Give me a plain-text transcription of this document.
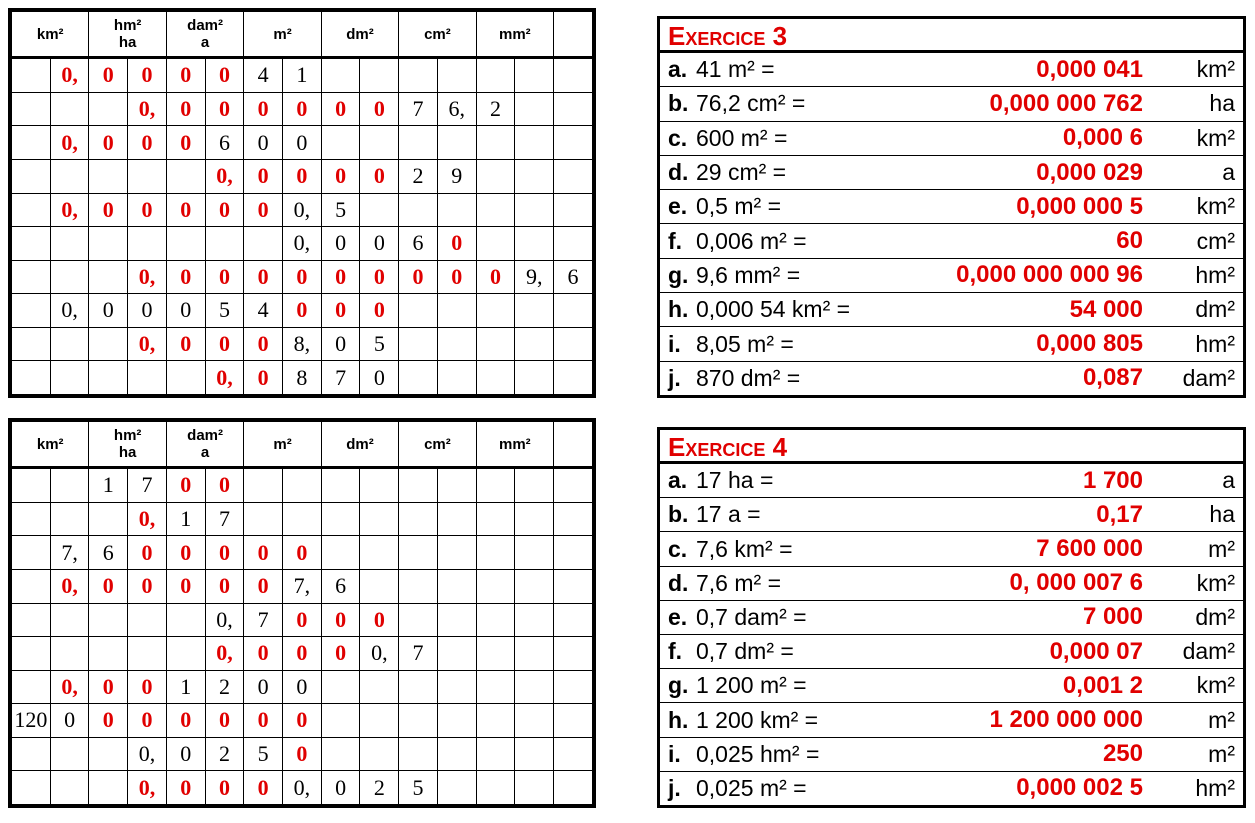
km²		hm²
ha		dam²
a		m²		dm²		cm²		mm²		
	0,	0	0	0	0	4	1							
			0,	0	0	0	0	0	0	7	6,	2		
	0,	0	0	0	6	0	0							
					0,	0	0	0	0	2	9			
	0,	0	0	0	0	0	0,	5						
							0,	0	0	6	0			
			0,	0	0	0	0	0	0	0	0	0	9,	6
	0,	0	0	0	5	4	0	0	0					
			0,	0	0	0	8,	0	5					
					0,	0	8	7	0					
km²		hm²
ha		dam²
a		m²		dm²		cm²		mm²		
		1	7	0	0									
			0,	1	7									
	7,	6	0	0	0	0	0							
	0,	0	0	0	0	0	7,	6						
					0,	7	0	0	0					
					0,	0	0	0	0,	7				
	0,	0	0	1	2	0	0							
120	0	0	0	0	0	0	0							
			0,	0	2	5	0							
			0,	0	0	0	0,	0	2	5				
Exercice 3
a. 41 m² =	0,000 041 km²
b. 76,2 cm² =	0,000 000 762	ha
c. 600 m² =	0,000 6 km²
d. 29 cm² =	0,000 029	a
e. 0,5 m² =	0,000 000 5 km²
f. 0,006 m² =	60 cm²
g. 9,6 mm² =	0,000 000 000 96 hm²
h. 0,000 54 km² =	54 000 dm²
i. 8,05 m² =	0,000 805 hm²
j. 870 dm² =	0,087 dam²
Exercice 4
a. 17 ha =	1 700	a
b. 17 a =	0,17	ha
c. 7,6 km² =	7 600 000	m²
d. 7,6 m² =	0, 000 007 6 km²
e. 0,7 dam² =	7 000 dm²
f. 0,7 dm² =	0,000 07 dam²
g. 1 200 m² =	0,001 2 km²
h. 1 200 km² =	1 200 000 000	m²
i. 0,025 hm² =	250	m²
j. 0,025 m² =	0,000 002 5 hm²
